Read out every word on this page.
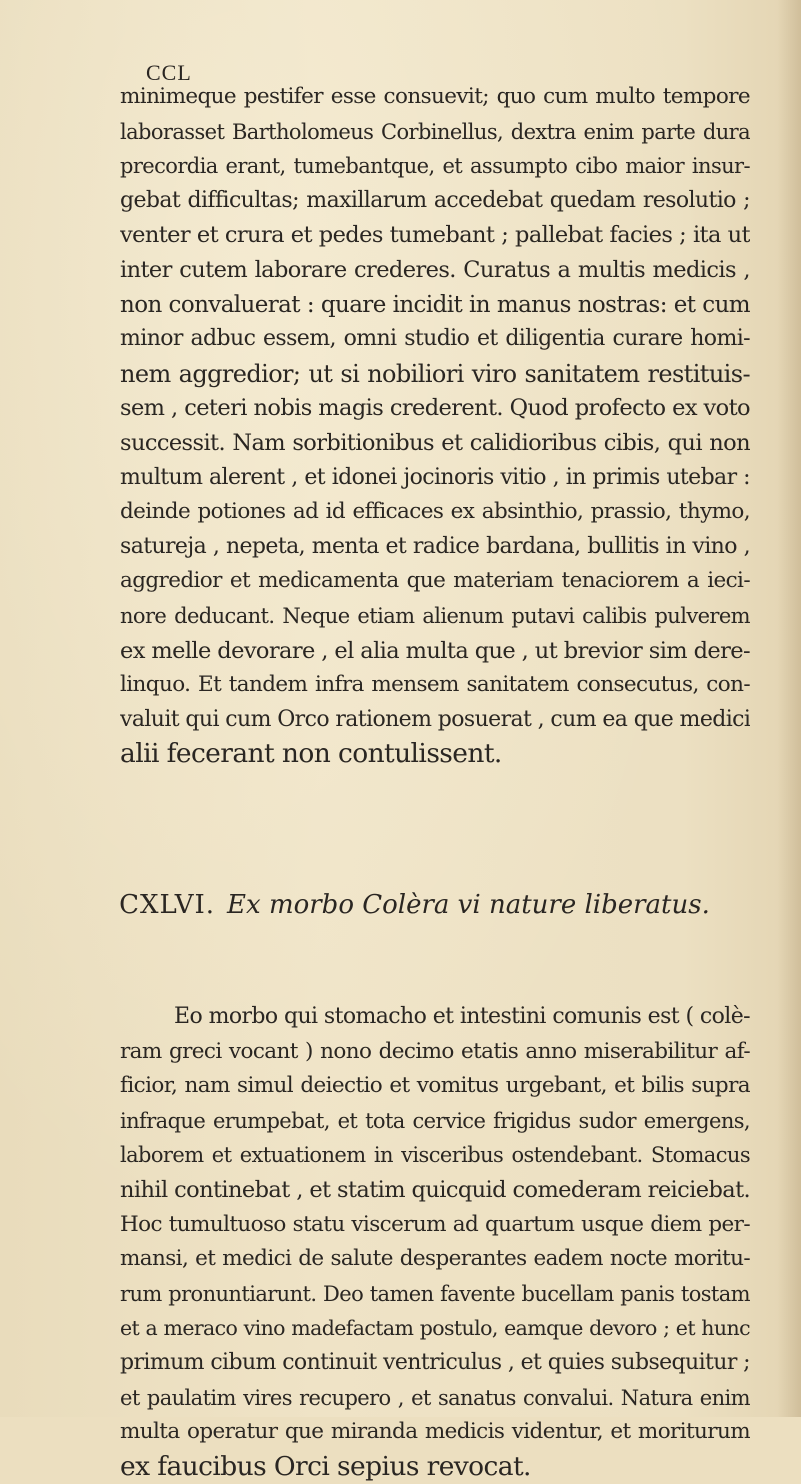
CCL
minimeque pestifer esse consuevit; quo cum multo tempore
laborasset Bartholomeus Corbinellus, dextra enim parte dura
precordia erant, tumebantque, et assumpto cibo maior insur-
gebat difficultas; maxillarum accedebat quedam resolutio ;
venter et crura et pedes tumebant ; pallebat facies ; ita ut
inter cutem laborare crederes. Curatus a multis medicis ,
non convaluerat : quare incidit in manus nostras: et cum
minor adbuc essem, omni studio et diligentia curare homi-
nem aggredior; ut si nobiliori viro sanitatem restituis-
sem , ceteri nobis magis crederent. Quod profecto ex voto
successit. Nam sorbitionibus et calidioribus cibis, qui non
multum alerent , et idonei jocinoris vitio , in primis utebar :
deinde potiones ad id efficaces ex absinthio, prassio, thymo,
satureja , nepeta, menta et radice bardana, bullitis in vino ,
aggredior et medicamenta que materiam tenaciorem a ieci-
nore deducant. Neque etiam alienum putavi calibis pulverem
ex melle devorare , el alia multa que , ut brevior sim dere-
linquo. Et tandem infra mensem sanitatem consecutus, con-
valuit qui cum Orco rationem posuerat , cum ea que medici
alii fecerant non contulissent.
CXLVI. Ex morbo Colèra vi nature liberatus.
Eo morbo qui stomacho et intestini comunis est ( colè-
ram greci vocant ) nono decimo etatis anno miserabilitur af-
ficior, nam simul deiectio et vomitus urgebant, et bilis supra
infraque erumpebat, et tota cervice frigidus sudor emergens,
laborem et extuationem in visceribus ostendebant. Stomacus
nihil continebat , et statim quicquid comederam reiciebat.
Hoc tumultuoso statu viscerum ad quartum usque diem per-
mansi, et medici de salute desperantes eadem nocte moritu-
rum pronuntiarunt. Deo tamen favente bucellam panis tostam
et a meraco vino madefactam postulo, eamque devoro ; et hunc
primum cibum continuit ventriculus , et quies subsequitur ;
et paulatim vires recupero , et sanatus convalui. Natura enim
multa operatur que miranda medicis videntur, et moriturum
ex faucibus Orci sepius revocat.
